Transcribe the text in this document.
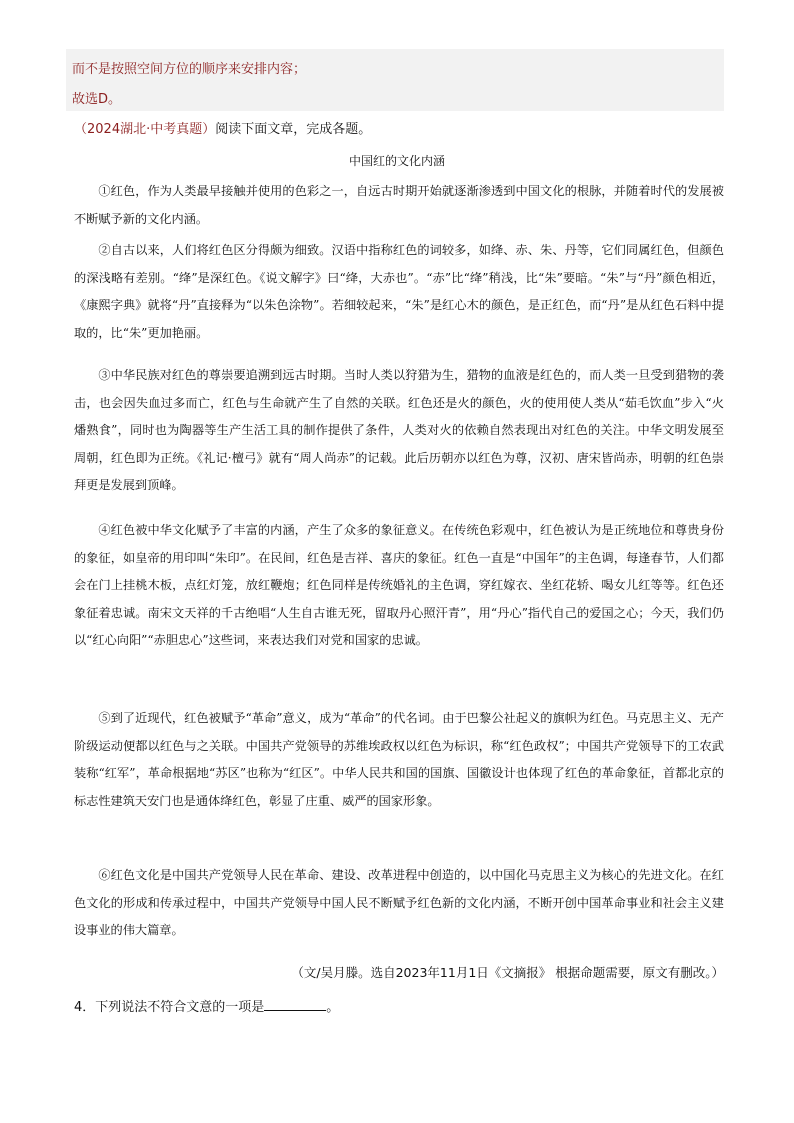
而不是按照空间方位的顺序来安排内容；
故选D。
（2024湖北·中考真题）阅读下面文章，完成各题。
中国红的文化内涵

①红色，作为人类最早接触并使用的色彩之一，自远古时期开始就逐渐渗透到中国文化的根脉，并随着时代的发展被不断赋予新的文化内涵。

②自古以来，人们将红色区分得颇为细致。汉语中指称红色的词较多，如绛、赤、朱、丹等，它们同属红色，但颜色的深浅略有差别。“绛”是深红色。《说文解字》曰“绛，大赤也”。“赤”比“绛”稍浅，比“朱”要暗。“朱”与“丹”颜色相近，《康熙字典》就将“丹”直接释为“以朱色涂物”。若细较起来，“朱”是红心木的颜色，是正红色，而“丹”是从红色石料中提取的，比“朱”更加艳丽。

③中华民族对红色的尊崇要追溯到远古时期。当时人类以狩猎为生，猎物的血液是红色的，而人类一旦受到猎物的袭击，也会因失血过多而亡，红色与生命就产生了自然的关联。红色还是火的颜色，火的使用使人类从“茹毛饮血”步入“火燔熟食”，同时也为陶器等生产生活工具的制作提供了条件，人类对火的依赖自然表现出对红色的关注。中华文明发展至周朝，红色即为正统。《礼记·檀弓》就有“周人尚赤”的记载。此后历朝亦以红色为尊，汉初、唐宋皆尚赤，明朝的红色崇拜更是发展到顶峰。

④红色被中华文化赋予了丰富的内涵，产生了众多的象征意义。在传统色彩观中，红色被认为是正统地位和尊贵身份的象征，如皇帝的用印叫“朱印”。在民间，红色是吉祥、喜庆的象征。红色一直是“中国年”的主色调，每逢春节，人们都会在门上挂桃木板，点红灯笼，放红鞭炮；红色同样是传统婚礼的主色调，穿红嫁衣、坐红花轿、喝女儿红等等。红色还象征着忠诚。南宋文天祥的千古绝唱“人生自古谁无死，留取丹心照汗青”，用“丹心”指代自己的爱国之心；今天，我们仍以“红心向阳”“赤胆忠心”这些词，来表达我们对党和国家的忠诚。

⑤到了近现代，红色被赋予“革命”意义，成为“革命”的代名词。由于巴黎公社起义的旗帜为红色。马克思主义、无产阶级运动便都以红色与之关联。中国共产党领导的苏维埃政权以红色为标识，称“红色政权”；中国共产党领导下的工农武装称“红军”，革命根据地“苏区”也称为“红区”。中华人民共和国的国旗、国徽设计也体现了红色的革命象征，首都北京的标志性建筑天安门也是通体绛红色，彰显了庄重、威严的国家形象。

⑥红色文化是中国共产党领导人民在革命、建设、改革进程中创造的，以中国化马克思主义为核心的先进文化。在红色文化的形成和传承过程中，中国共产党领导中国人民不断赋予红色新的文化内涵，不断开创中国革命事业和社会主义建设事业的伟大篇章。

（文/吴月滕。选自2023年11月1日《文摘报》 根据命题需要，原文有删改。）
4．下列说法不符合文意的一项是	。
